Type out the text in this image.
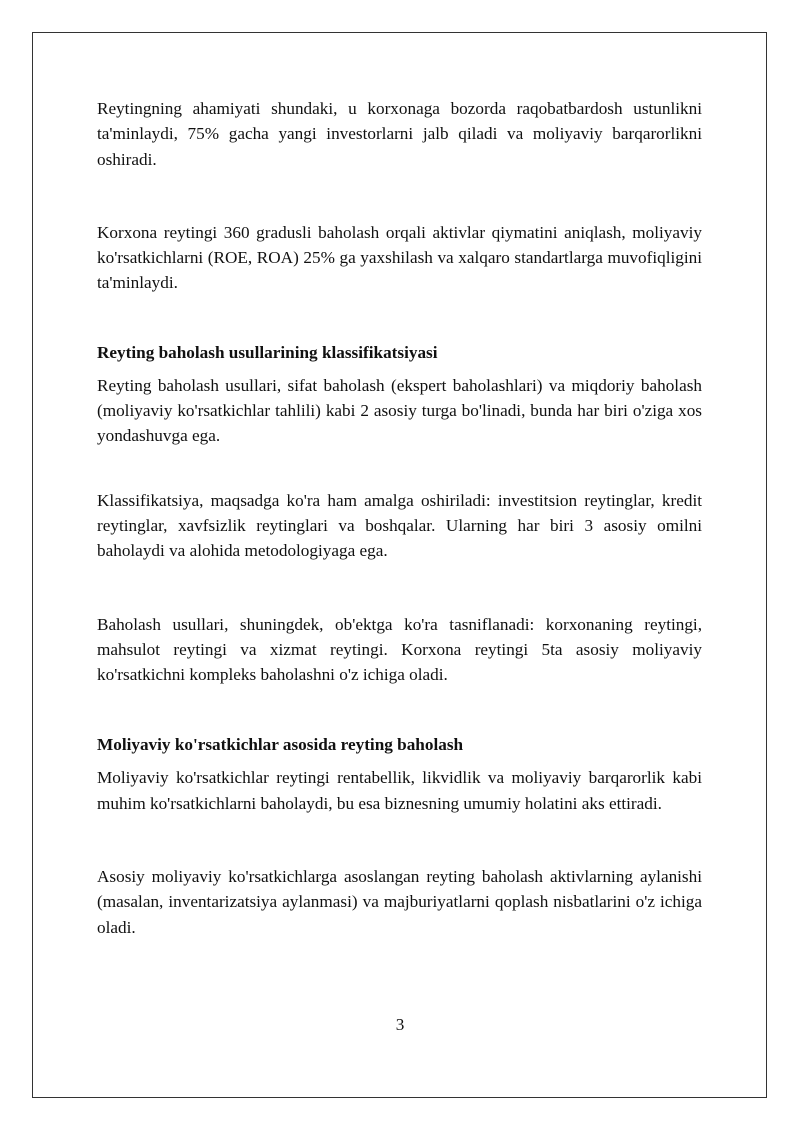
Reytingning ahamiyati shundaki, u korxonaga bozorda raqobatbardosh ustunlikni ta'minlaydi, 75% gacha yangi investorlarni jalb qiladi va moliyaviy barqarorlikni oshiradi.

Korxona reytingi 360 gradusli baholash orqali aktivlar qiymatini aniqlash, moliyaviy ko'rsatkichlarni (ROE, ROA) 25% ga yaxshilash va xalqaro standartlarga muvofiqligini ta'minlaydi.

Reyting baholash usullarining klassifikatsiyasi

Reyting baholash usullari, sifat baholash (ekspert baholashlari) va miqdoriy baholash (moliyaviy ko'rsatkichlar tahlili) kabi 2 asosiy turga bo'linadi, bunda har biri o'ziga xos yondashuvga ega.

Klassifikatsiya, maqsadga ko'ra ham amalga oshiriladi: investitsion reytinglar, kredit reytinglar, xavfsizlik reytinglari va boshqalar. Ularning har biri 3 asosiy omilni baholaydi va alohida metodologiyaga ega.

Baholash usullari, shuningdek, ob'ektga ko'ra tasniflanadi: korxonaning reytingi, mahsulot reytingi va xizmat reytingi. Korxona reytingi 5ta asosiy moliyaviy ko'rsatkichni kompleks baholashni o'z ichiga oladi.

Moliyaviy ko'rsatkichlar asosida reyting baholash

Moliyaviy ko'rsatkichlar reytingi rentabellik, likvidlik va moliyaviy barqarorlik kabi muhim ko'rsatkichlarni baholaydi, bu esa biznesning umumiy holatini aks ettiradi.

Asosiy moliyaviy ko'rsatkichlarga asoslangan reyting baholash aktivlarning aylanishi (masalan, inventarizatsiya aylanmasi) va majburiyatlarni qoplash nisbatlarini o'z ichiga oladi.

3
